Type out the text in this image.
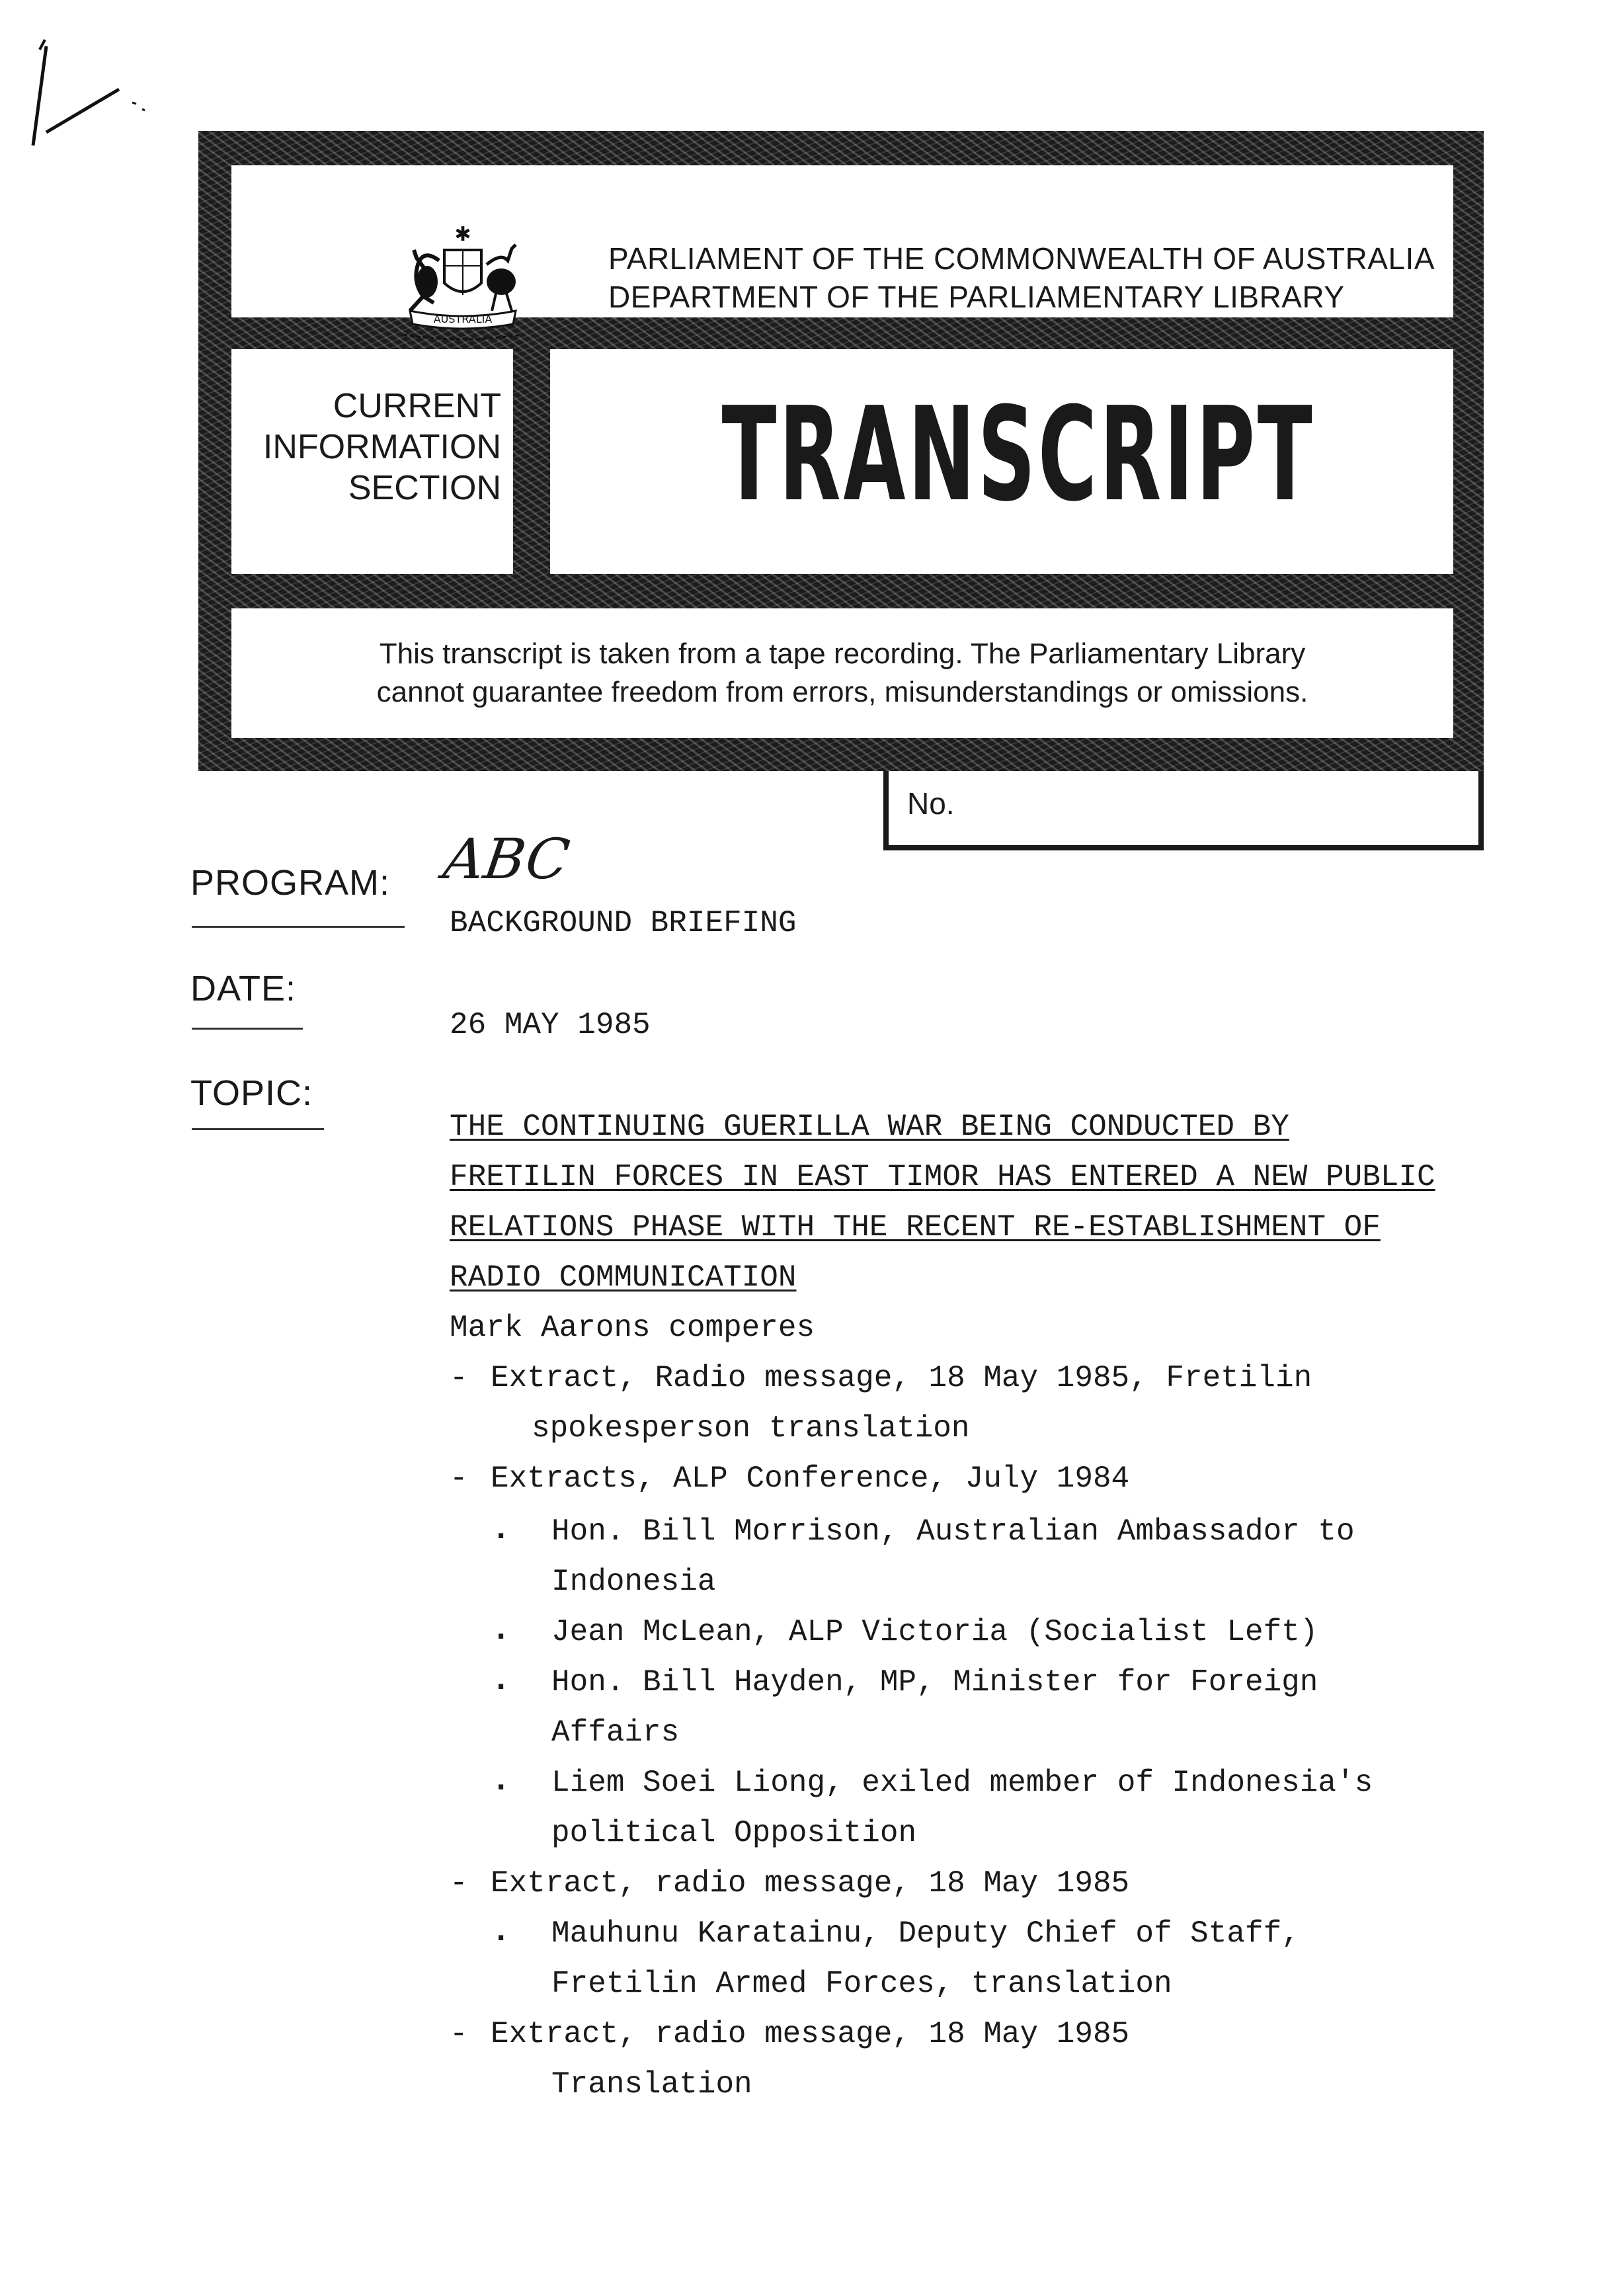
✱
AUSTRALIA
PARLIAMENT OF THE COMMONWEALTH OF AUSTRALIA
DEPARTMENT OF THE PARLIAMENTARY LIBRARY
CURRENT
INFORMATION
SECTION TRANSCRIPT
This transcript is taken from a tape recording. The Parliamentary Library
cannot guarantee freedom from errors, misunderstandings or omissions.
No.
PROGRAM: ABC
BACKGROUND BRIEFING
DATE:
26 MAY 1985
TOPIC:
THE CONTINUING GUERILLA WAR BEING CONDUCTED BY
FRETILIN FORCES IN EAST TIMOR HAS ENTERED A NEW PUBLIC
RELATIONS PHASE WITH THE RECENT RE-ESTABLISHMENT OF
RADIO COMMUNICATION
Mark Aarons comperes
- Extract, Radio message, 18 May 1985, Fretilin
spokesperson translation
- Extracts, ALP Conference, July 1984
. Hon. Bill Morrison, Australian Ambassador to
Indonesia
. Jean McLean, ALP Victoria (Socialist Left)
. Hon. Bill Hayden, MP, Minister for Foreign
Affairs
. Liem Soei Liong, exiled member of Indonesia's
political Opposition
- Extract, radio message, 18 May 1985
. Mauhunu Karatainu, Deputy Chief of Staff,
Fretilin Armed Forces, translation
- Extract, radio message, 18 May 1985
Translation
